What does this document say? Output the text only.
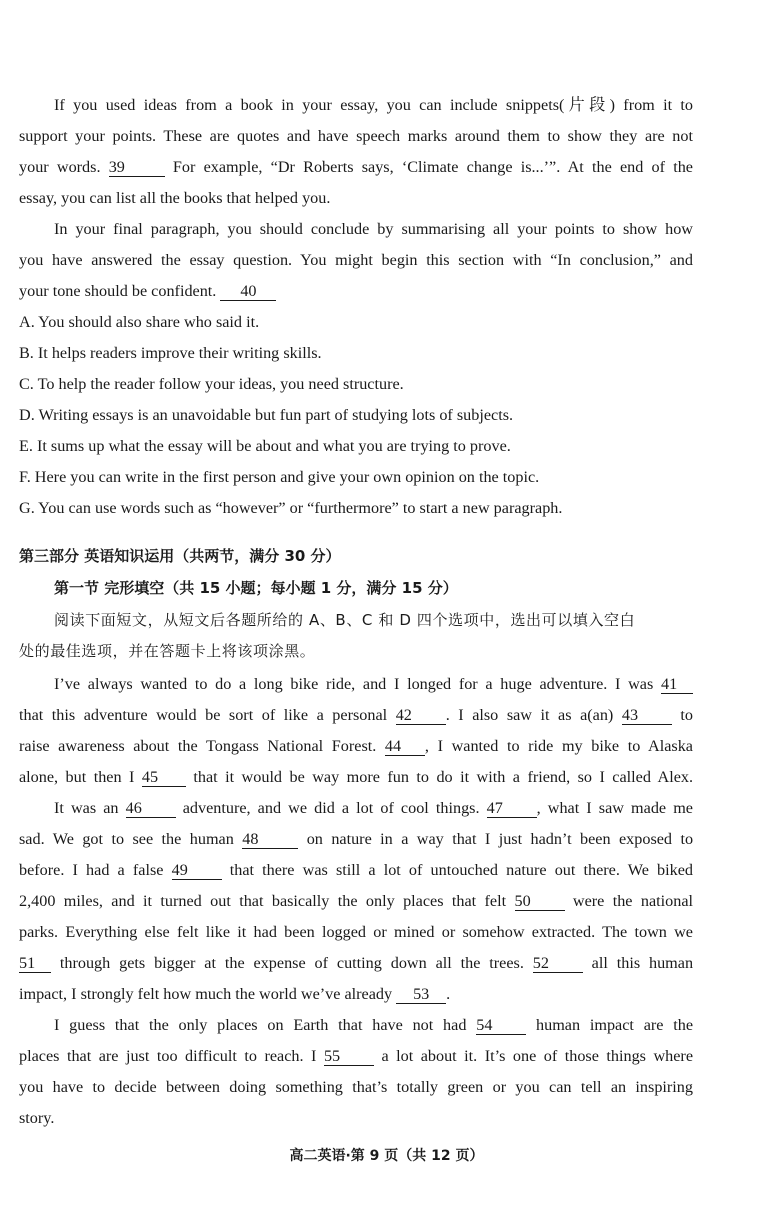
If you used ideas from a book in your essay, you can include snippets(片段) from it to
support your points. These are quotes and have speech marks around them to show they are not
your words. 39	For example, “Dr Roberts says, ‘Climate change is...’”. At the end of the
essay, you can list all the books that helped you.
In your final paragraph, you should conclude by summarising all your points to show how
you have answered the essay question. You might begin this section with “In conclusion,” and
your tone should be confident. 40
A. You should also share who said it.
B. It helps readers improve their writing skills.
C. To help the reader follow your ideas, you need structure.
D. Writing essays is an unavoidable but fun part of studying lots of subjects.
E. It sums up what the essay will be about and what you are trying to prove.
F. Here you can write in the first person and give your own opinion on the topic.
G. You can use words such as “however” or “furthermore” to start a new paragraph.
第三部分 英语知识运用（共两节，满分 30 分）
第一节 完形填空（共 15 小题；每小题 1 分，满分 15 分）
阅读下面短文，从短文后各题所给的 A、B、C 和 D 四个选项中，选出可以填入空白
处的最佳选项，并在答题卡上将该项涂黑。
I’ve always wanted to do a long bike ride, and I longed for a huge adventure. I was 41
that this adventure would be sort of like a personal 42 . I also saw it as a(an) 43	to
raise awareness about the Tongass National Forest. 44 , I wanted to ride my bike to Alaska
alone, but then I 45 that it would be way more fun to do it with a friend, so I called Alex.
It was an 46	adventure, and we did a lot of cool things. 47 , what I saw made me
sad. We got to see the human 48	on nature in a way that I just hadn’t been exposed to
before. I had a false 49	that there was still a lot of untouched nature out there. We biked
2,400 miles, and it turned out that basically the only places that felt 50	were the national
parks. Everything else felt like it had been logged or mined or somehow extracted. The town we
51 through gets bigger at the expense of cutting down all the trees. 52	all this human
impact, I strongly felt how much the world we’ve already 53 .
I guess that the only places on Earth that have not had 54	human impact are the
places that are just too difficult to reach. I 55	a lot about it. It’s one of those things where
you have to decide between doing something that’s totally green or you can tell an inspiring
story.
高二英语·第 9 页（共 12 页）
